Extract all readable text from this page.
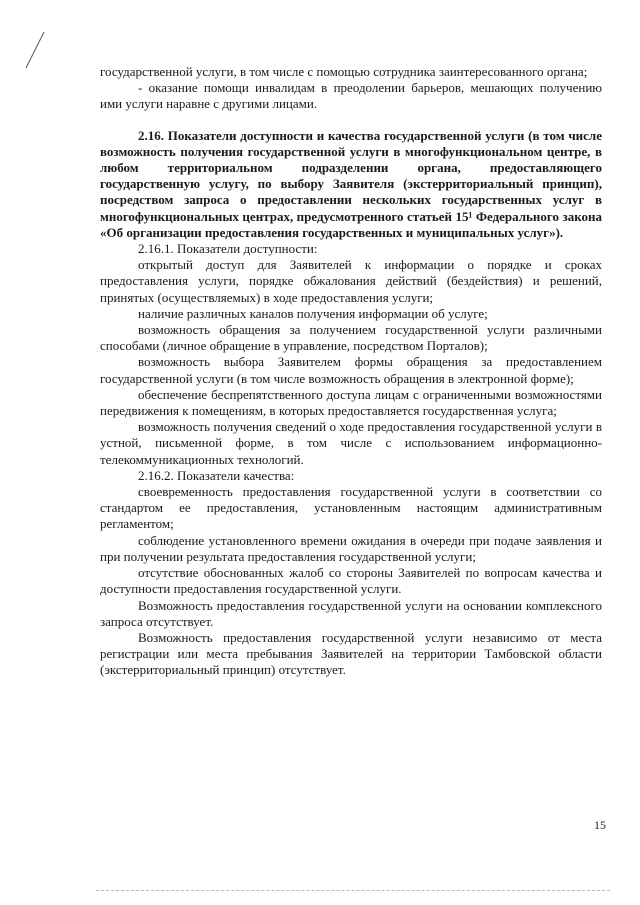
государственной услуги, в том числе с помощью сотрудника заинтересованного органа;

- оказание помощи инвалидам в преодолении барьеров, мешающих получению ими услуги наравне с другими лицами.

2.16. Показатели доступности и качества государственной услуги (в том числе возможность получения государственной услуги в многофункциональном центре, в любом территориальном подразделении органа, предоставляющего государственную услугу, по выбору Заявителя (экстерриториальный принцип), посредством запроса о предоставлении нескольких государственных услуг в многофункциональных центрах, предусмотренного статьей 15¹ Федерального закона «Об организации предоставления государственных и муниципальных услуг»).

2.16.1. Показатели доступности:

открытый доступ для Заявителей к информации о порядке и сроках предоставления услуги, порядке обжалования действий (бездействия) и решений, принятых (осуществляемых) в ходе предоставления услуги;

наличие различных каналов получения информации об услуге;

возможность обращения за получением государственной услуги различными способами (личное обращение в управление, посредством Порталов);

возможность выбора Заявителем формы обращения за предоставлением государственной услуги (в том числе возможность обращения в электронной форме);

обеспечение беспрепятственного доступа лицам с ограниченными возможностями передвижения к помещениям, в которых предоставляется государственная услуга;

возможность получения сведений о ходе предоставления государственной услуги в устной, письменной форме, в том числе с использованием информационно-телекоммуникационных технологий.

2.16.2. Показатели качества:

своевременность предоставления государственной услуги в соответствии со стандартом ее предоставления, установленным настоящим административным регламентом;

соблюдение установленного времени ожидания в очереди при подаче заявления и при получении результата предоставления государственной услуги;

отсутствие обоснованных жалоб со стороны Заявителей по вопросам качества и доступности предоставления государственной услуги.

Возможность предоставления государственной услуги на основании комплексного запроса отсутствует.

Возможность предоставления государственной услуги независимо от места регистрации или места пребывания Заявителей на территории Тамбовской области (экстерриториальный принцип) отсутствует.

15
